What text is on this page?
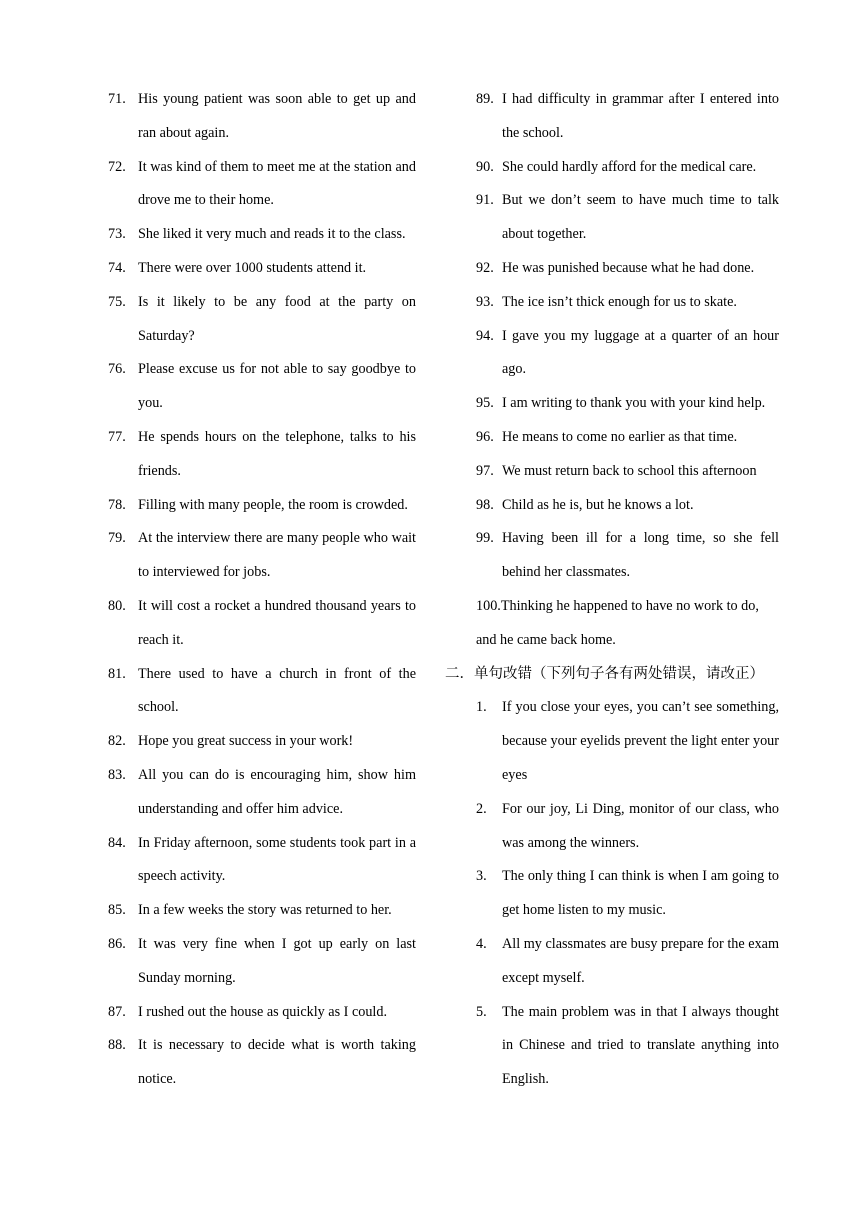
71. His young patient was soon able to get up and ran about again.
72. It was kind of them to meet me at the station and drove me to their home.
73. She liked it very much and reads it to the class.
74. There were over 1000 students attend it.
75. Is it likely to be any food at the party on Saturday?
76. Please excuse us for not able to say goodbye to you.
77. He spends hours on the telephone, talks to his friends.
78. Filling with many people, the room is crowded.
79. At the interview there are many people who wait to interviewed for jobs.
80. It will cost a rocket a hundred thousand years to reach it.
81. There used to have a church in front of the school.
82. Hope you great success in your work!
83. All you can do is encouraging him, show him understanding and offer him advice.
84. In Friday afternoon, some students took part in a speech activity.
85. In a few weeks the story was returned to her.
86. It was very fine when I got up early on last Sunday morning.
87. I rushed out the house as quickly as I could.
88. It is necessary to decide what is worth taking notice.
89. I had difficulty in grammar after I entered into the school.
90. She could hardly afford for the medical care.
91. But we don’t seem to have much time to talk about together.
92. He was punished because what he had done.
93. The ice isn’t thick enough for us to skate.
94. I gave you my luggage at a quarter of an hour ago.
95. I am writing to thank you with your kind help.
96. He means to come no earlier as that time.
97. We must return back to school this afternoon
98. Child as he is, but he knows a lot.
99. Having been ill for a long time, so she fell behind her classmates.
100.Thinking he happened to have no work to do,
and he came back home.
二．单句改错（下列句子各有两处错误，请改正）
1.	If you close your eyes, you can’t see something, because your eyelids prevent the light enter your eyes
2.	For our joy, Li Ding, monitor of our class, who was among the winners.
3.	The only thing I can think is when I am going to get home listen to my music.
4.	All my classmates are busy prepare for the exam except myself.
5.	The main problem was in that I always thought in Chinese and tried to translate anything into English.
